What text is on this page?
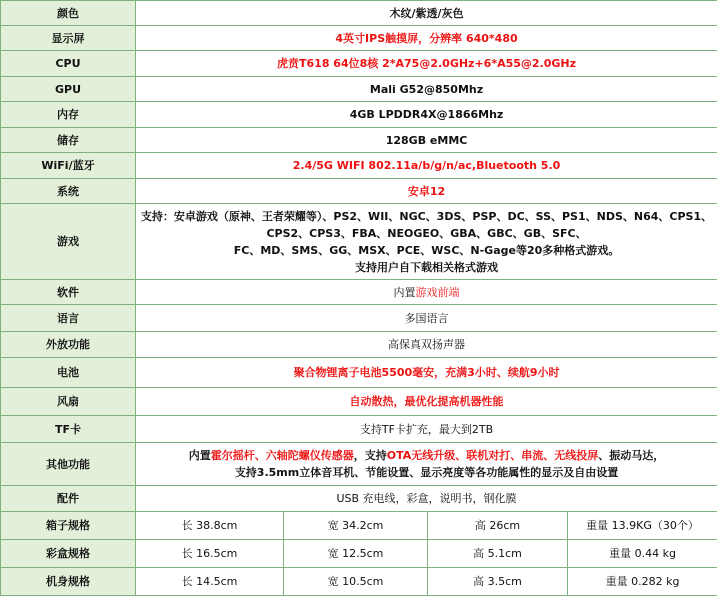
颜色	木纹/紫透/灰色			
显示屏	4英寸IPS触摸屏，分辨率 640*480			
CPU	虎贲T618 64位8核 2*A75@2.0GHz+6*A55@2.0GHz			
GPU	Mali G52@850Mhz			
内存	4GB LPDDR4X@1866Mhz			
储存	128GB eMMC			
WiFi/蓝牙	2.4/5G WIFI 802.11a/b/g/n/ac,Bluetooth 5.0			
系统	安卓12			
游戏	支持：安卓游戏（原神、王者荣耀等）、PS2、WII、NGC、3DS、PSP、DC、SS、PS1、NDS、N64、CPS1、
CPS2、CPS3、FBA、NEOGEO、GBA、GBC、GB、SFC、
FC、MD、SMS、GG、MSX、PCE、WSC、N-Gage等20多种格式游戏。
支持用户自下载相关格式游戏			

软件	内置游戏前端			
语言	多国语言			
外放功能	高保真双扬声器			
电池	聚合物锂离子电池5500毫安，充满3小时、续航9小时			
风扇	自动散热，最优化提高机器性能			
TF卡	支持TF卡扩充，最大到2TB			
其他功能	内置霍尔摇杆、六轴陀螺仪传感器，支持OTA无线升级、联机对打、串流、无线投屏、振动马达，
支持3.5mm立体音耳机、节能设置、显示亮度等各功能属性的显示及自由设置			

配件	USB 充电线，彩盒，说明书，钢化膜			
箱子规格	长 38.8cm	宽 34.2cm	高 26cm	重量 13.9KG（30个）
彩盒规格	长 16.5cm	宽 12.5cm	高 5.1cm	重量 0.44 kg
机身规格	长 14.5cm	宽 10.5cm	高 3.5cm	重量 0.282 kg
